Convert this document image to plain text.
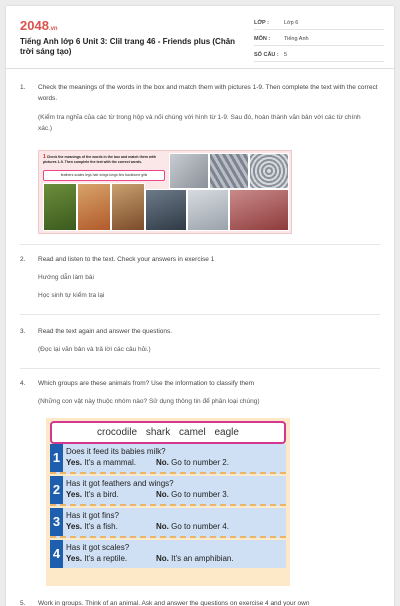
2048.vn
Tiếng Anh lớp 6 Unit 3: CliI trang 46 - Friends plus (Chân trời sáng tạo)
LỚP :	Lớp 6
MÔN :	Tiếng Anh
SỐ CÂU : 5
1. Check the meanings of the words in the box and match them with pictures 1-9. Then complete the text with the correct words.
(Kiểm tra nghĩa của các từ trong hộp và nối chúng với hình từ 1-9. Sau đó, hoàn thành văn bản với các từ chính xác.)
1 Check the meanings of the words in the box and match them with pictures 1-9. Then complete the text with the correct words.
feathers scales legs hair wings lungs fins backbone gills
2. Read and listen to the text. Check your answers in exercise 1
Hướng dẫn làm bài
Học sinh tự kiểm tra lại
3. Read the text again and answer the questions.
(Đọc lại văn bản và trả lời các câu hỏi.)
4. Which groups are these animals from? Use the information to classify them
(Những con vật này thuộc nhóm nào? Sử dụng thông tin để phân loại chúng)
crocodile shark camel eagle
1 Does it feed its babies milk?
Yes. It's a mammal. No. Go to number 2.
2 Has it got feathers and wings?
Yes. It's a bird.	No. Go to number 3.
3 Has it got fins?
Yes. It's a fish.	No. Go to number 4.
4 Has it got scales?
Yes. It's a reptile.	No. It's an amphibian.
5. Work in groups. Think of an animal. Ask and answer the questions on exercise 4 and your own
